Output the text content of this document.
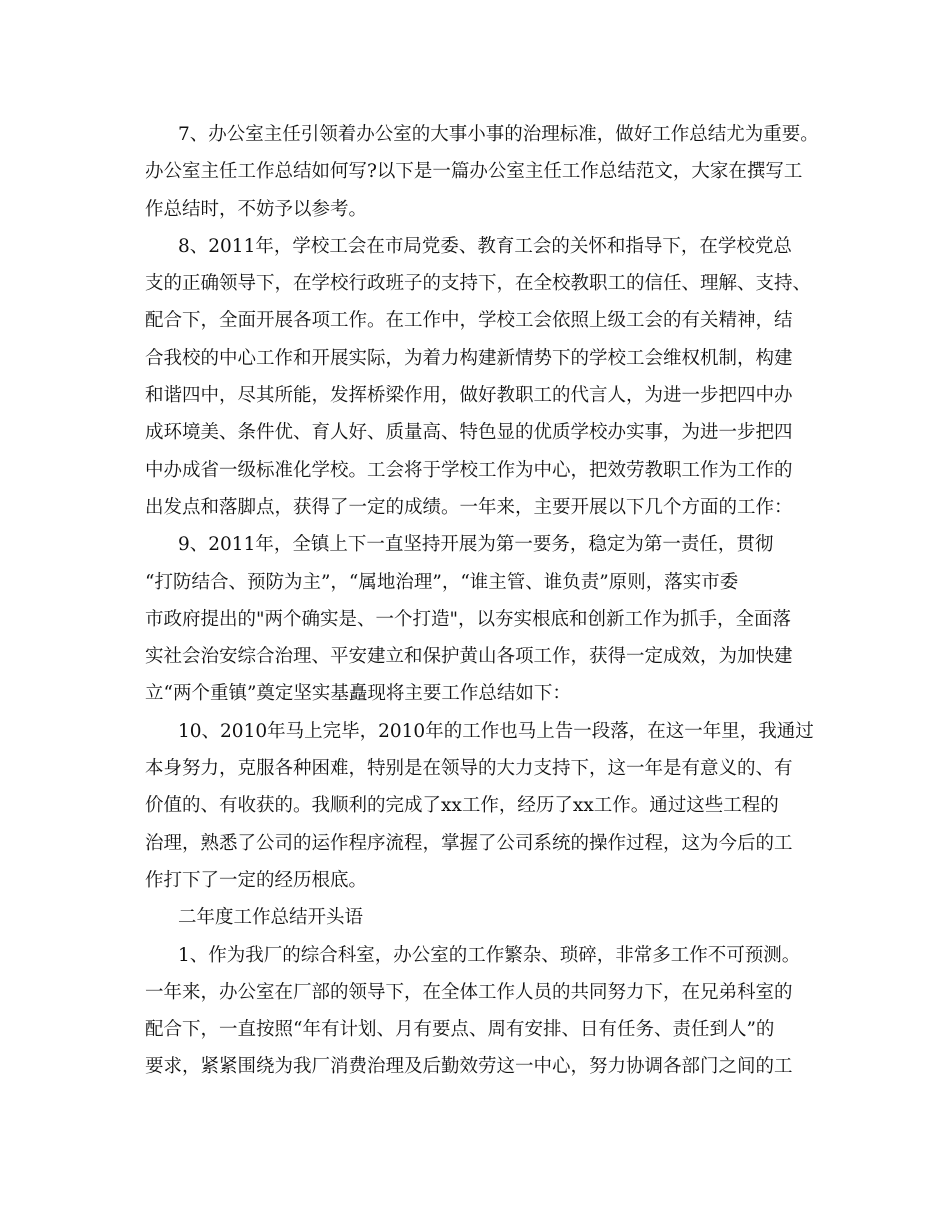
7、办公室主任引领着办公室的大事小事的治理标准，做好工作总结尤为重要。
办公室主任工作总结如何写?以下是一篇办公室主任工作总结范文，大家在撰写工
作总结时，不妨予以参考。
8、2011年，学校工会在市局党委、教育工会的关怀和指导下，在学校党总
支的正确领导下，在学校行政班子的支持下，在全校教职工的信任、理解、支持、
配合下，全面开展各项工作。在工作中，学校工会依照上级工会的有关精神，结
合我校的中心工作和开展实际，为着力构建新情势下的学校工会维权机制，构建
和谐四中，尽其所能，发挥桥梁作用，做好教职工的代言人，为进一步把四中办
成环境美、条件优、育人好、质量高、特色显的优质学校办实事，为进一步把四
中办成省一级标准化学校。工会将于学校工作为中心，把效劳教职工作为工作的
出发点和落脚点，获得了一定的成绩。一年来，主要开展以下几个方面的工作：
9、2011年，全镇上下一直坚持开展为第一要务，稳定为第一责任，贯彻
“打防结合、预防为主”，“属地治理”，“谁主管、谁负责”原则，落实市委
市政府提出的"两个确实是、一个打造"，以夯实根底和创新工作为抓手，全面落
实社会治安综合治理、平安建立和保护黄山各项工作，获得一定成效，为加快建
立“两个重镇”奠定坚实基矗现将主要工作总结如下：
10、2010年马上完毕，2010年的工作也马上告一段落，在这一年里，我通过
本身努力，克服各种困难，特别是在领导的大力支持下，这一年是有意义的、有
价值的、有收获的。我顺利的完成了xx工作，经历了xx工作。通过这些工程的
治理，熟悉了公司的运作程序流程，掌握了公司系统的操作过程，这为今后的工
作打下了一定的经历根底。
二年度工作总结开头语
1、作为我厂的综合科室，办公室的工作繁杂、琐碎，非常多工作不可预测。
一年来，办公室在厂部的领导下，在全体工作人员的共同努力下，在兄弟科室的
配合下，一直按照“年有计划、月有要点、周有安排、日有任务、责任到人”的
要求，紧紧围绕为我厂消费治理及后勤效劳这一中心，努力协调各部门之间的工
